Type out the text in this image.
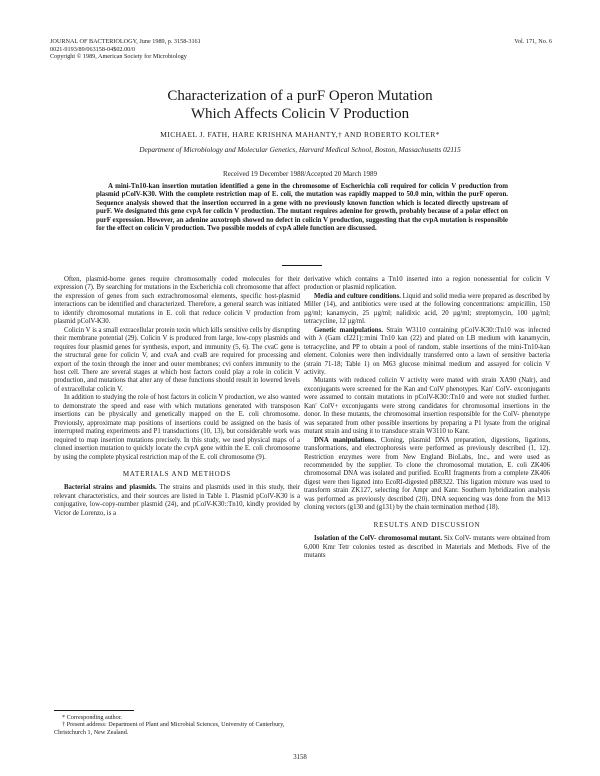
JOURNAL OF BACTERIOLOGY, June 1989, p. 3158-3161
0021-9193/89/063158-04$02.00/0
Copyright © 1989, American Society for Microbiology
Vol. 171, No. 6
Characterization of a purF Operon Mutation
Which Affects Colicin V Production
MICHAEL J. FATH, HARE KRISHNA MAHANTY,† AND ROBERTO KOLTER*
Department of Microbiology and Molecular Genetics, Harvard Medical School, Boston, Massachusetts 02115
Received 19 December 1988/Accepted 20 March 1989
A mini-Tn10-kan insertion mutation identified a gene in the chromosome of Escherichia coli required for colicin V production from plasmid pColV-K30. With the complete restriction map of E. coli, the mutation was rapidly mapped to 50.0 min, within the purF operon. Sequence analysis showed that the insertion occurred in a gene with no previously known function which is located directly upstream of purF. We designated this gene cvpA for colicin V production. The mutant requires adenine for growth, probably because of a polar effect on purF expression. However, an adenine auxotroph showed no defect in colicin V production, suggesting that the cvpA mutation is responsible for the effect on colicin V production. Two possible models of cvpA allele function are discussed.

Often, plasmid-borne genes require chromosomally coded molecules for their expression (7). By searching for mutations in the Escherichia coli chromosome that affect the expression of genes from such extrachromosomal elements, specific host-plasmid interactions can be identified and characterized. Therefore, a general search was initiated to identify chromosomal mutations in E. coli that reduce colicin V production from plasmid pColV-K30.

Colicin V is a small extracellular protein toxin which kills sensitive cells by disrupting their membrane potential (29). Colicin V is produced from large, low-copy plasmids and requires four plasmid genes for synthesis, export, and immunity (5, 6). The cvaC gene is the structural gene for colicin V, and cvaA and cvaB are required for processing and export of the toxin through the inner and outer membranes; cvi confers immunity to the host cell. There are several stages at which host factors could play a role in colicin V production, and mutations that alter any of these functions should result in lowered levels of extracellular colicin V.

In addition to studying the role of host factors in colicin V production, we also wanted to demonstrate the speed and ease with which mutations generated with transposon insertions can be physically and genetically mapped on the E. coli chromosome. Previously, approximate map positions of insertions could be assigned on the basis of interrupted mating experiments and P1 transductions (10, 13), but considerable work was required to map insertion mutations precisely. In this study, we used physical maps of a cloned insertion mutation to quickly locate the cvpA gene within the E. coli chromosome by using the complete physical restriction map of the E. coli chromosome (9).

MATERIALS AND METHODS

Bacterial strains and plasmids. The strains and plasmids used in this study, their relevant characteristics, and their sources are listed in Table 1. Plasmid pColV-K30 is a conjugative, low-copy-number plasmid (24), and pColV-K30::Tn10, kindly provided by Victor de Lorenzo, is a

derivative which contains a Tn10 inserted into a region nonessential for colicin V production or plasmid replication.

Media and culture conditions. Liquid and solid media were prepared as described by Miller (14), and antibiotics were used at the following concentrations: ampicillin, 150 µg/ml; kanamycin, 25 µg/ml; nalidixic acid, 20 µg/ml; streptomycin, 100 µg/ml; tetracycline, 12 µg/ml.

Genetic manipulations. Strain W3110 containing pColV-K30::Tn10 was infected with λ (Gam cI221)::mini Tn10 kan (22) and plated on LB medium with kanamycin, tetracycline, and PP to obtain a pool of random, stable insertions of the mini-Tn10-kan element. Colonies were then individually transferred onto a lawn of sensitive bacteria (strain 71-18; Table 1) on M63 glucose minimal medium and assayed for colicin V activity.

Mutants with reduced colicin V activity were mated with strain XA90 (Nalr), and exconjugants were screened for the Kan and ColV phenotypes. Kan' ColV- exconjugants were assumed to contain mutations in pColV-K30::Tn10 and were not studied further. Kan' ColV+ exconjugants were strong candidates for chromosomal insertions in the donor. In these mutants, the chromosomal insertion responsible for the ColV- phenotype was separated from other possible insertions by preparing a P1 lysate from the original mutant strain and using it to transduce strain W3110 to Kanr.

DNA manipulations. Cloning, plasmid DNA preparation, digestions, ligations, transformations, and electrophoresis were performed as previously described (1, 12). Restriction enzymes were from New England BioLabs, Inc., and were used as recommended by the supplier. To clone the chromosomal mutation, E. coli ZK406 chromosomal DNA was isolated and purified. EcoRI fragments from a complete ZK406 digest were then ligated into EcoRI-digested pBR322. This ligation mixture was used to transform strain ZK127, selecting for Ampr and Kanr. Southern hybridization analysis was performed as previously described (20). DNA sequencing was done from the M13 cloning vectors (g130 and (g131) by the chain termination method (18).

RESULTS AND DISCUSSION

Isolation of the ColV- chromosomal mutant. Six ColV- mutants were obtained from 6,000 Kmr Tetr colonies tested as described in Materials and Methods. Five of the mutants

* Corresponding author.
† Present address: Department of Plant and Microbial Sciences, University of Canterbury, Christchurch 1, New Zealand.
3158
